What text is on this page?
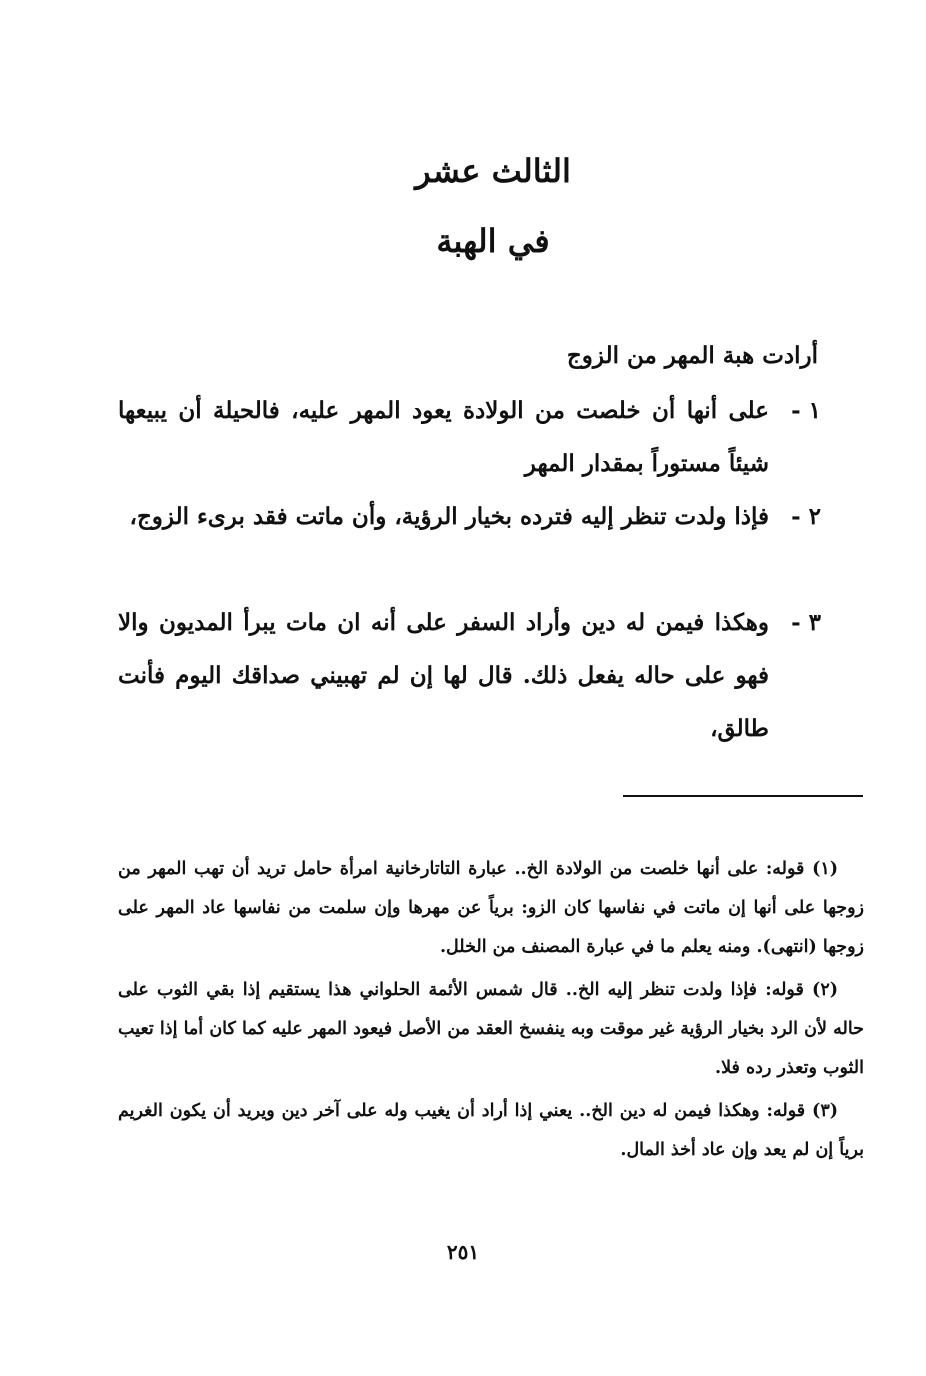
الثالث عشر
في الهبة

أرادت هبة المهر من الزوج

١ -
على أنها أن خلصت من الولادة يعود المهر عليه، فالحيلة أن يبيعها شيئاً مستوراً بمقدار المهر

٢ -
فإذا ولدت تنظر إليه فترده بخيار الرؤية، وأن ماتت فقد برىء الزوج،

٣ -
وهكذا فيمن له دين وأراد السفر على أنه ان مات يبرأ المديون والا فهو على حاله يفعل ذلك. قال لها إن لم تهبيني صداقك اليوم فأنت طالق،

(١) قوله: على أنها خلصت من الولادة الخ.. عبارة التاتارخانية امرأة حامل تريد أن تهب المهر من زوجها على أنها إن ماتت في نفاسها كان الزو: برياً عن مهرها وإن سلمت من نفاسها عاد المهر على زوجها (انتهى). ومنه يعلم ما في عبارة المصنف من الخلل.

(٢) قوله: فإذا ولدت تنظر إليه الخ.. قال شمس الأئمة الحلواني هذا يستقيم إذا بقي الثوب على حاله لأن الرد بخيار الرؤية غير موقت وبه ينفسخ العقد من الأصل فيعود المهر عليه كما كان أما إذا تعيب الثوب وتعذر رده فلا.

(٣) قوله: وهكذا فيمن له دين الخ.. يعني إذا أراد أن يغيب وله على آخر دين ويريد أن يكون الغريم برياً إن لم يعد وإن عاد أخذ المال.

٢٥١
